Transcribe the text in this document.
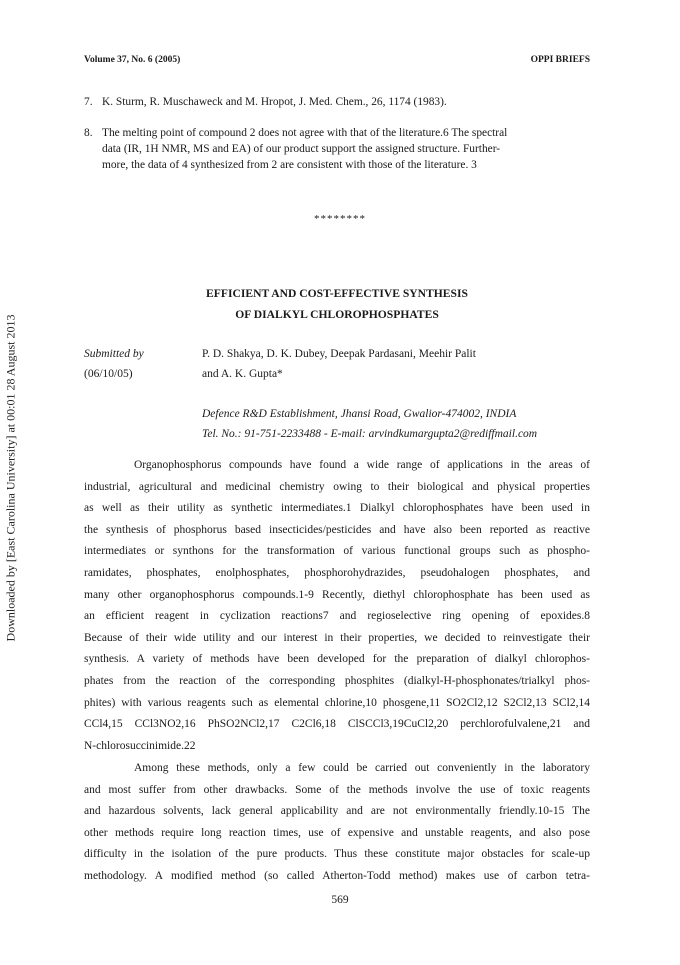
Downloaded by [East Carolina University] at 00:01 28 August 2013
Volume 37, No. 6 (2005)	OPPI BRIEFS
7. K. Sturm, R. Muschaweck and M. Hropot, J. Med. Chem., 26, 1174 (1983).
8. The melting point of compound 2 does not agree with that of the literature.6 The spectral
data (IR, 1H NMR, MS and EA) of our product support the assigned structure. Further-
more, the data of 4 synthesized from 2 are consistent with those of the literature. 3
********
EFFICIENT AND COST-EFFECTIVE SYNTHESIS
OF DIALKYL CHLOROPHOSPHATES
Submitted by
(06/10/05)
P. D. Shakya, D. K. Dubey, Deepak Pardasani, Meehir Palit
and A. K. Gupta*
Defence R&D Establishment, Jhansi Road, Gwalior-474002, INDIA
Tel. No.: 91-751-2233488 - E-mail: arvindkumargupta2@rediffmail.com
Organophosphorus compounds have found a wide range of applications in the areas of
industrial, agricultural and medicinal chemistry owing to their biological and physical properties
as well as their utility as synthetic intermediates.1 Dialkyl chlorophosphates have been used in
the synthesis of phosphorus based insecticides/pesticides and have also been reported as reactive
intermediates or synthons for the transformation of various functional groups such as phospho-
ramidates, phosphates, enolphosphates, phosphorohydrazides, pseudohalogen phosphates, and
many other organophosphorus compounds.1-9 Recently, diethyl chlorophosphate has been used as
an efficient reagent in cyclization reactions7 and regioselective ring opening of epoxides.8
Because of their wide utility and our interest in their properties, we decided to reinvestigate their
synthesis. A variety of methods have been developed for the preparation of dialkyl chlorophos-
phates from the reaction of the corresponding phosphites (dialkyl-H-phosphonates/trialkyl phos-
phites) with various reagents such as elemental chlorine,10 phosgene,11 SO2Cl2,12 S2Cl2,13 SCl2,14
CCl4,15 CCl3NO2,16 PhSO2NCl2,17 C2Cl6,18 ClSCCl3,19CuCl2,20 perchlorofulvalene,21 and
N-chlorosuccinimide.22
Among these methods, only a few could be carried out conveniently in the laboratory
and most suffer from other drawbacks. Some of the methods involve the use of toxic reagents
and hazardous solvents, lack general applicability and are not environmentally friendly.10-15 The
other methods require long reaction times, use of expensive and unstable reagents, and also pose
difficulty in the isolation of the pure products. Thus these constitute major obstacles for scale-up
methodology. A modified method (so called Atherton-Todd method) makes use of carbon tetra-
569
